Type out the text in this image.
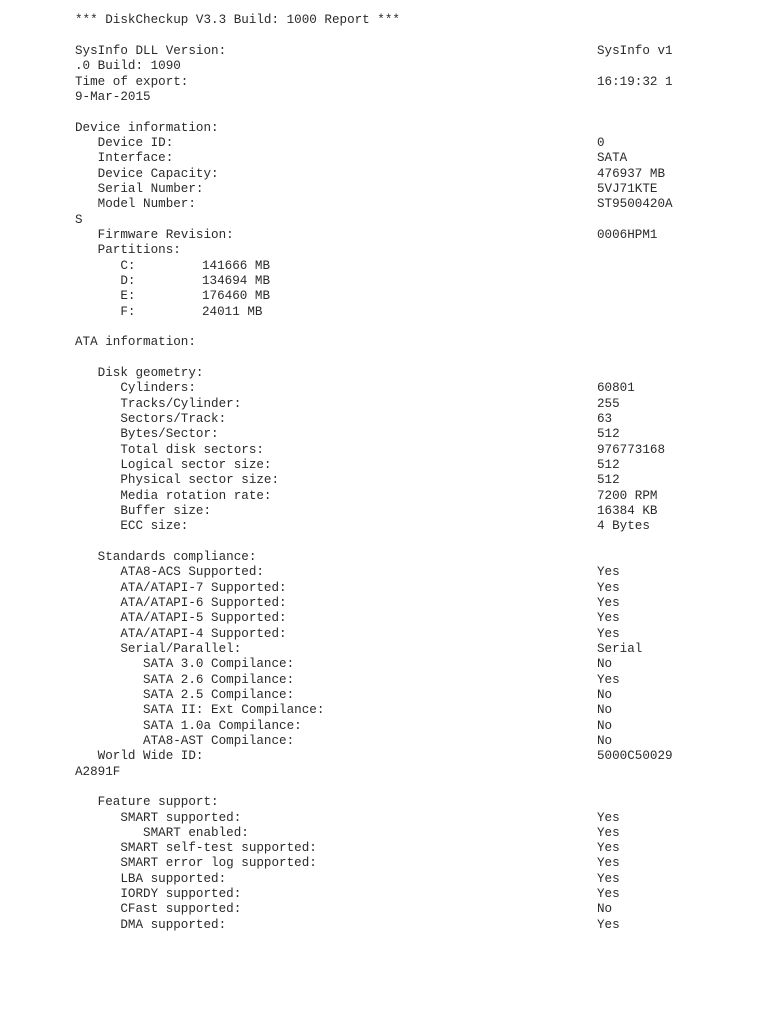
*** DiskCheckup V3.3 Build: 1000 Report ***

SysInfo DLL Version:	SysInfo v1
.0 Build: 1090
Time of export:	16:19:32 1
9-Mar-2015
Device information:
Device ID:	0
Interface:	SATA
Device Capacity:	476937 MB
Serial Number:	5VJ71KTE
Model Number:	ST9500420A
S
Firmware Revision:	0006HPM1
Partitions:
C:	141666 MB
D:	134694 MB
E:	176460 MB
F:	24011 MB
ATA information:
Disk geometry:
Cylinders:	60801
Tracks/Cylinder:	255
Sectors/Track:	63
Bytes/Sector:	512
Total disk sectors:	976773168
Logical sector size:	512
Physical sector size:	512
Media rotation rate:	7200 RPM
Buffer size:	16384 KB
ECC size:	4 Bytes
Standards compliance:
ATA8-ACS Supported:	Yes
ATA/ATAPI-7 Supported:	Yes
ATA/ATAPI-6 Supported:	Yes
ATA/ATAPI-5 Supported:	Yes
ATA/ATAPI-4 Supported:	Yes
Serial/Parallel:	Serial
SATA 3.0 Compilance:	No
SATA 2.6 Compilance:	Yes
SATA 2.5 Compilance:	No
SATA II: Ext Compilance:	No
SATA 1.0a Compilance:	No
ATA8-AST Compilance:	No
World Wide ID:	5000C50029
A2891F
Feature support:
SMART supported:	Yes
SMART enabled:	Yes
SMART self-test supported:	Yes
SMART error log supported:	Yes
LBA supported:	Yes
IORDY supported:	Yes
CFast supported:	No
DMA supported:	Yes
